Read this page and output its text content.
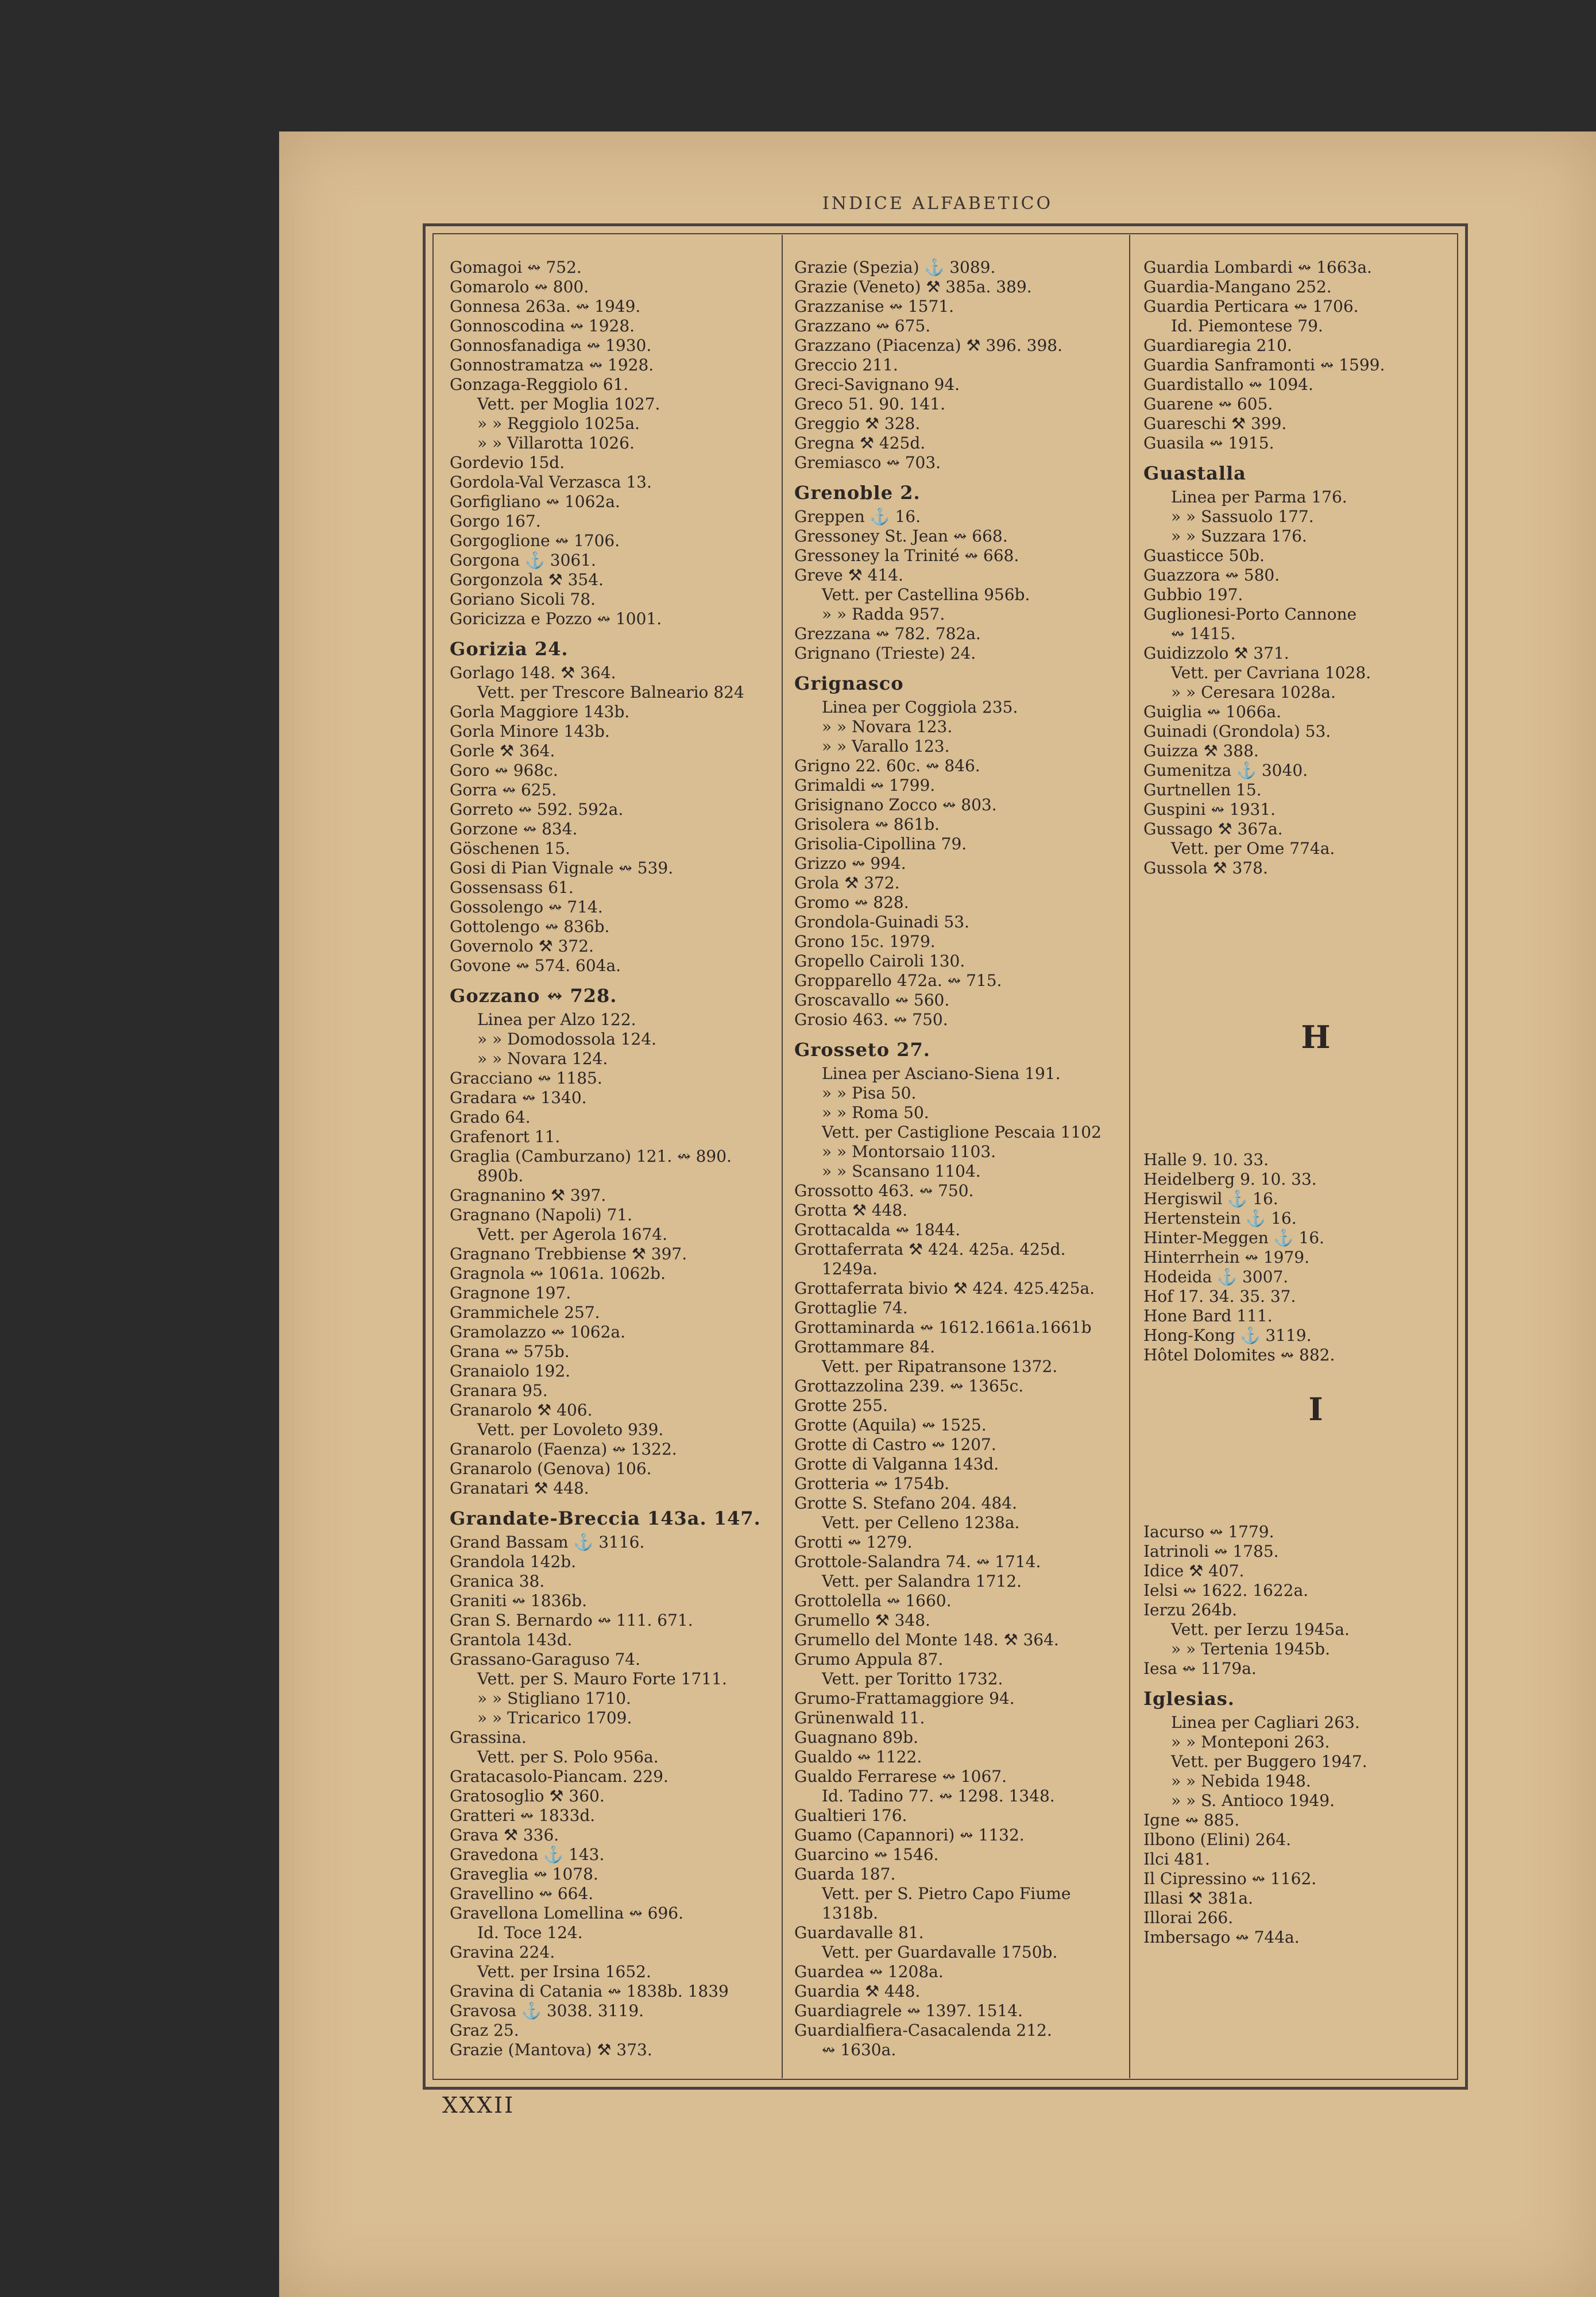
INDICE ALFABETICO
Gomagoi ↭ 752.
Gomarolo ↭ 800.
Gonnesa 263a. ↭ 1949.
Gonnoscodina ↭ 1928.
Gonnosfanadiga ↭ 1930.
Gonnostramatza ↭ 1928.
Gonzaga-Reggiolo 61.
Vett. per Moglia 1027.
» » Reggiolo 1025a.
» » Villarotta 1026.
Gordevio 15d.
Gordola-Val Verzasca 13.
Gorfigliano ↭ 1062a.
Gorgo 167.
Gorgoglione ↭ 1706.
Gorgona ⚓ 3061.
Gorgonzola ⚒ 354.
Goriano Sicoli 78.
Goricizza e Pozzo ↭ 1001.
Gorizia 24.
Gorlago 148. ⚒ 364.
Vett. per Trescore Balneario 824
Gorla Maggiore 143b.
Gorla Minore 143b.
Gorle ⚒ 364.
Goro ↭ 968c.
Gorra ↭ 625.
Gorreto ↭ 592. 592a.
Gorzone ↭ 834.
Göschenen 15.
Gosi di Pian Vignale ↭ 539.
Gossensass 61.
Gossolengo ↭ 714.
Gottolengo ↭ 836b.
Governolo ⚒ 372.
Govone ↭ 574. 604a.
Gozzano ↭ 728.
Linea per Alzo 122.
» » Domodossola 124.
» » Novara 124.
Gracciano ↭ 1185.
Gradara ↭ 1340.
Grado 64.
Grafenort 11.
Graglia (Camburzano) 121. ↭ 890.
890b.
Gragnanino ⚒ 397.
Gragnano (Napoli) 71.
Vett. per Agerola 1674.
Gragnano Trebbiense ⚒ 397.
Gragnola ↭ 1061a. 1062b.
Gragnone 197.
Grammichele 257.
Gramolazzo ↭ 1062a.
Grana ↭ 575b.
Granaiolo 192.
Granara 95.
Granarolo ⚒ 406.
Vett. per Lovoleto 939.
Granarolo (Faenza) ↭ 1322.
Granarolo (Genova) 106.
Granatari ⚒ 448.
Grandate-Breccia 143a. 147.
Grand Bassam ⚓ 3116.
Grandola 142b.
Granica 38.
Graniti ↭ 1836b.
Gran S. Bernardo ↭ 111. 671.
Grantola 143d.
Grassano-Garaguso 74.
Vett. per S. Mauro Forte 1711.
» » Stigliano 1710.
» » Tricarico 1709.
Grassina.
Vett. per S. Polo 956a.
Gratacasolo-Piancam. 229.
Gratosoglio ⚒ 360.
Gratteri ↭ 1833d.
Grava ⚒ 336.
Gravedona ⚓ 143.
Graveglia ↭ 1078.
Gravellino ↭ 664.
Gravellona Lomellina ↭ 696.
Id. Toce 124.
Gravina 224.
Vett. per Irsina 1652.
Gravina di Catania ↭ 1838b. 1839
Gravosa ⚓ 3038. 3119.
Graz 25.
Grazie (Mantova) ⚒ 373.
Grazie (Spezia) ⚓ 3089.
Grazie (Veneto) ⚒ 385a. 389.
Grazzanise ↭ 1571.
Grazzano ↭ 675.
Grazzano (Piacenza) ⚒ 396. 398.
Greccio 211.
Greci-Savignano 94.
Greco 51. 90. 141.
Greggio ⚒ 328.
Gregna ⚒ 425d.
Gremiasco ↭ 703.
Grenoble 2.
Greppen ⚓ 16.
Gressoney St. Jean ↭ 668.
Gressoney la Trinité ↭ 668.
Greve ⚒ 414.
Vett. per Castellina 956b.
» » Radda 957.
Grezzana ↭ 782. 782a.
Grignano (Trieste) 24.
Grignasco
Linea per Coggiola 235.
» » Novara 123.
» » Varallo 123.
Grigno 22. 60c. ↭ 846.
Grimaldi ↭ 1799.
Grisignano Zocco ↭ 803.
Grisolera ↭ 861b.
Grisolia-Cipollina 79.
Grizzo ↭ 994.
Grola ⚒ 372.
Gromo ↭ 828.
Grondola-Guinadi 53.
Grono 15c. 1979.
Gropello Cairoli 130.
Gropparello 472a. ↭ 715.
Groscavallo ↭ 560.
Grosio 463. ↭ 750.
Grosseto 27.
Linea per Asciano-Siena 191.
» » Pisa 50.
» » Roma 50.
Vett. per Castiglione Pescaia 1102
» » Montorsaio 1103.
» » Scansano 1104.
Grossotto 463. ↭ 750.
Grotta ⚒ 448.
Grottacalda ↭ 1844.
Grottaferrata ⚒ 424. 425a. 425d.
1249a.
Grottaferrata bivio ⚒ 424. 425.425a.
Grottaglie 74.
Grottaminarda ↭ 1612.1661a.1661b
Grottammare 84.
Vett. per Ripatransone 1372.
Grottazzolina 239. ↭ 1365c.
Grotte 255.
Grotte (Aquila) ↭ 1525.
Grotte di Castro ↭ 1207.
Grotte di Valganna 143d.
Grotteria ↭ 1754b.
Grotte S. Stefano 204. 484.
Vett. per Celleno 1238a.
Grotti ↭ 1279.
Grottole-Salandra 74. ↭ 1714.
Vett. per Salandra 1712.
Grottolella ↭ 1660.
Grumello ⚒ 348.
Grumello del Monte 148. ⚒ 364.
Grumo Appula 87.
Vett. per Toritto 1732.
Grumo-Frattamaggiore 94.
Grünenwald 11.
Guagnano 89b.
Gualdo ↭ 1122.
Gualdo Ferrarese ↭ 1067.
Id. Tadino 77. ↭ 1298. 1348.
Gualtieri 176.
Guamo (Capannori) ↭ 1132.
Guarcino ↭ 1546.
Guarda 187.
Vett. per S. Pietro Capo Fiume
1318b.
Guardavalle 81.
Vett. per Guardavalle 1750b.
Guardea ↭ 1208a.
Guardia ⚒ 448.
Guardiagrele ↭ 1397. 1514.
Guardialfiera-Casacalenda 212.
↭ 1630a.
Guardia Lombardi ↭ 1663a.
Guardia-Mangano 252.
Guardia Perticara ↭ 1706.
Id. Piemontese 79.
Guardiaregia 210.
Guardia Sanframonti ↭ 1599.
Guardistallo ↭ 1094.
Guarene ↭ 605.
Guareschi ⚒ 399.
Guasila ↭ 1915.
Guastalla
Linea per Parma 176.
» » Sassuolo 177.
» » Suzzara 176.
Guasticce 50b.
Guazzora ↭ 580.
Gubbio 197.
Guglionesi-Porto Cannone
↭ 1415.
Guidizzolo ⚒ 371.
Vett. per Cavriana 1028.
» » Ceresara 1028a.
Guiglia ↭ 1066a.
Guinadi (Grondola) 53.
Guizza ⚒ 388.
Gumenitza ⚓ 3040.
Gurtnellen 15.
Guspini ↭ 1931.
Gussago ⚒ 367a.
Vett. per Ome 774a.
Gussola ⚒ 378.
H
Halle 9. 10. 33.
Heidelberg 9. 10. 33.
Hergiswil ⚓ 16.
Hertenstein ⚓ 16.
Hinter-Meggen ⚓ 16.
Hinterrhein ↭ 1979.
Hodeida ⚓ 3007.
Hof 17. 34. 35. 37.
Hone Bard 111.
Hong-Kong ⚓ 3119.
Hôtel Dolomites ↭ 882.
I
Iacurso ↭ 1779.
Iatrinoli ↭ 1785.
Idice ⚒ 407.
Ielsi ↭ 1622. 1622a.
Ierzu 264b.
Vett. per Ierzu 1945a.
» » Tertenia 1945b.
Iesa ↭ 1179a.
Iglesias.
Linea per Cagliari 263.
» » Monteponi 263.
Vett. per Buggero 1947.
» » Nebida 1948.
» » S. Antioco 1949.
Igne ↭ 885.
Ilbono (Elini) 264.
Ilci 481.
Il Cipressino ↭ 1162.
Illasi ⚒ 381a.
Illorai 266.
Imbersago ↭ 744a.
XXXII
